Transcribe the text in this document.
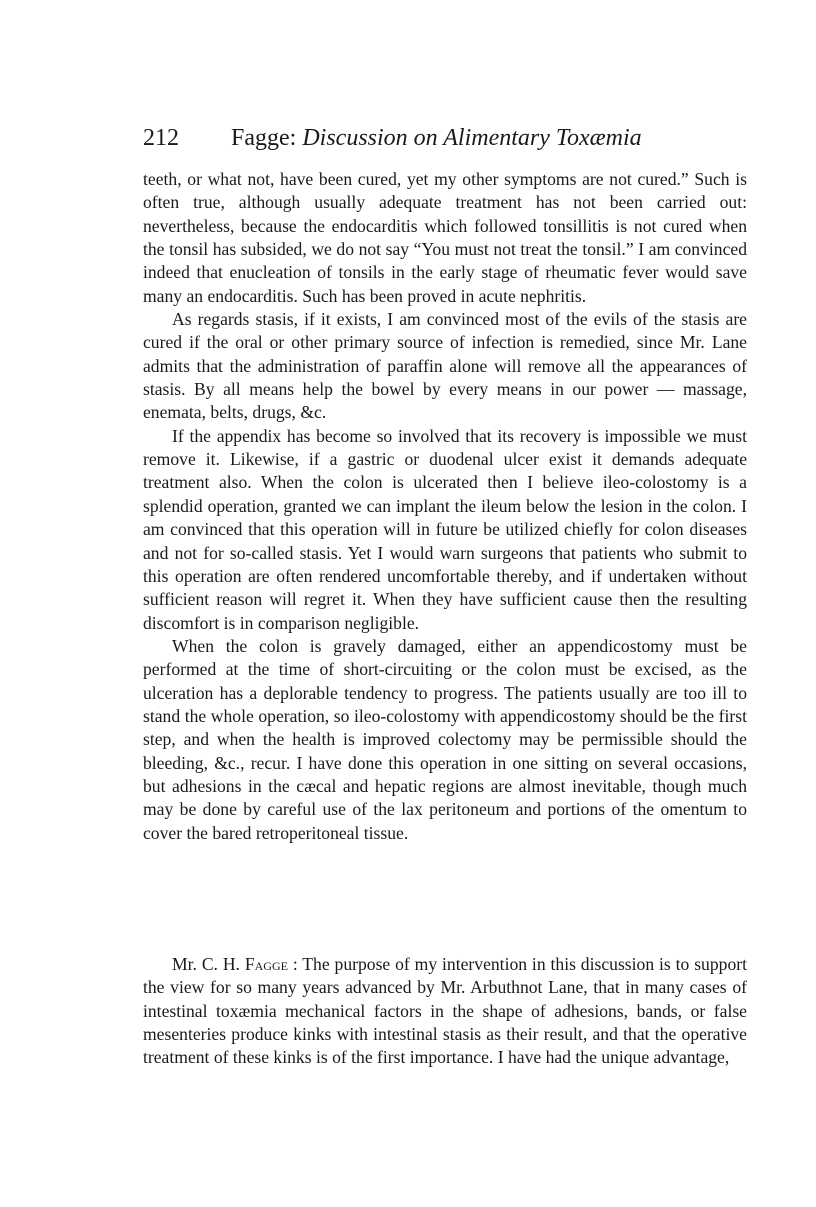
212 Fagge: Discussion on Alimentary Toxæmia

teeth, or what not, have been cured, yet my other symptoms are not cured.” Such is often true, although usually adequate treatment has not been carried out: nevertheless, because the endocarditis which followed tonsillitis is not cured when the tonsil has subsided, we do not say “You must not treat the tonsil.” I am convinced indeed that enucleation of tonsils in the early stage of rheumatic fever would save many an endocarditis. Such has been proved in acute nephritis.

As regards stasis, if it exists, I am convinced most of the evils of the stasis are cured if the oral or other primary source of infection is remedied, since Mr. Lane admits that the administration of paraffin alone will remove all the appearances of stasis. By all means help the bowel by every means in our power — massage, enemata, belts, drugs, &c.

If the appendix has become so involved that its recovery is impossible we must remove it. Likewise, if a gastric or duodenal ulcer exist it demands adequate treatment also. When the colon is ulcerated then I believe ileo-colostomy is a splendid operation, granted we can implant the ileum below the lesion in the colon. I am convinced that this operation will in future be utilized chiefly for colon diseases and not for so-called stasis. Yet I would warn surgeons that patients who submit to this operation are often rendered uncomfortable thereby, and if undertaken without sufficient reason will regret it. When they have sufficient cause then the resulting discomfort is in comparison negligible.

When the colon is gravely damaged, either an appendicostomy must be performed at the time of short-circuiting or the colon must be excised, as the ulceration has a deplorable tendency to progress. The patients usually are too ill to stand the whole operation, so ileo-colostomy with appendicostomy should be the first step, and when the health is improved colectomy may be permissible should the bleeding, &c., recur. I have done this operation in one sitting on several occasions, but adhesions in the cæcal and hepatic regions are almost inevitable, though much may be done by careful use of the lax peritoneum and portions of the omentum to cover the bared retroperitoneal tissue.

Mr. C. H. Fagge : The purpose of my intervention in this discussion is to support the view for so many years advanced by Mr. Arbuthnot Lane, that in many cases of intestinal toxæmia mechanical factors in the shape of adhesions, bands, or false mesenteries produce kinks with intestinal stasis as their result, and that the operative treatment of these kinks is of the first importance. I have had the unique advantage,
